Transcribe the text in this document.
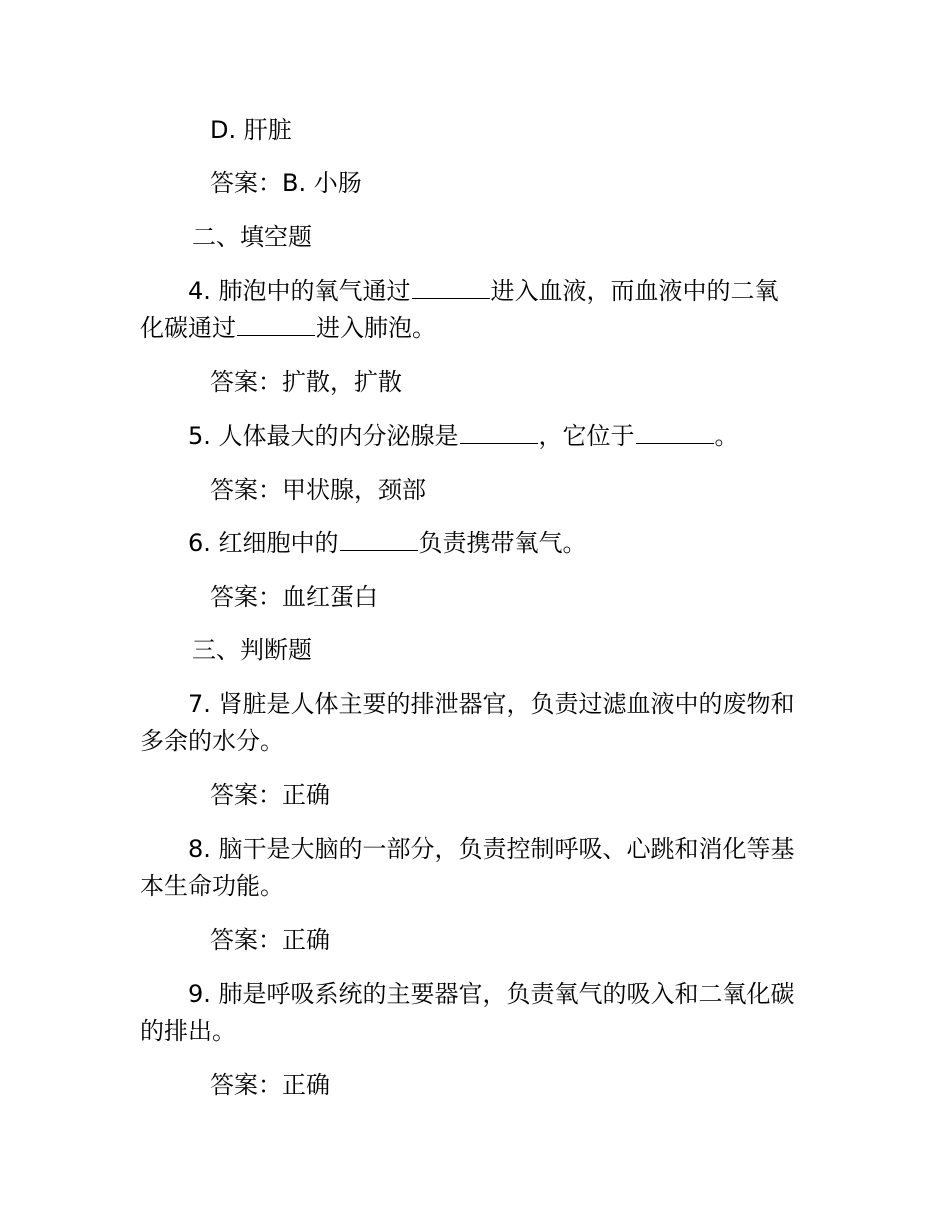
D. 肝脏
答案：B. 小肠
二、填空题
4. 肺泡中的氧气通过	进入血液，而血液中的二氧
化碳通过	进入肺泡。
答案：扩散，扩散
5. 人体最大的内分泌腺是	，它位于	。
答案：甲状腺，颈部
6. 红细胞中的	负责携带氧气。
答案：血红蛋白
三、判断题
7. 肾脏是人体主要的排泄器官，负责过滤血液中的废物和
多余的水分。
答案：正确
8. 脑干是大脑的一部分，负责控制呼吸、心跳和消化等基
本生命功能。
答案：正确
9. 肺是呼吸系统的主要器官，负责氧气的吸入和二氧化碳
的排出。
答案：正确
